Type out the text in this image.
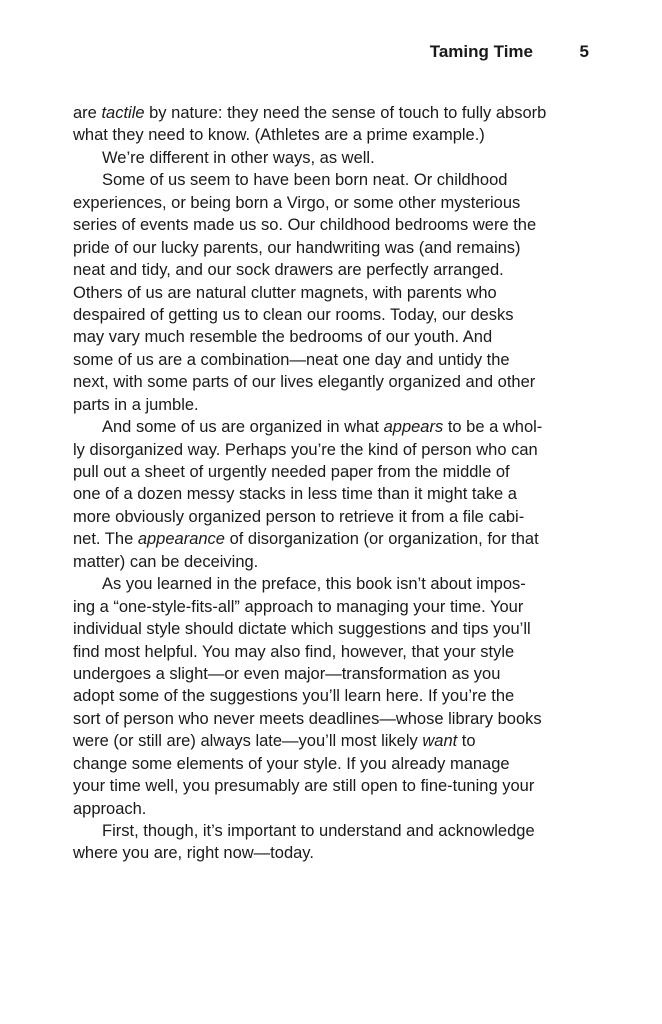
Taming Time	5
are tactile by nature: they need the sense of touch to fully absorb
what they need to know. (Athletes are a prime example.)
We’re different in other ways, as well.
Some of us seem to have been born neat. Or childhood
experiences, or being born a Virgo, or some other mysterious
series of events made us so. Our childhood bedrooms were the
pride of our lucky parents, our handwriting was (and remains)
neat and tidy, and our sock drawers are perfectly arranged.
Others of us are natural clutter magnets, with parents who
despaired of getting us to clean our rooms. Today, our desks
may vary much resemble the bedrooms of our youth. And
some of us are a combination—neat one day and untidy the
next, with some parts of our lives elegantly organized and other
parts in a jumble.
And some of us are organized in what appears to be a whol-
ly disorganized way. Perhaps you’re the kind of person who can
pull out a sheet of urgently needed paper from the middle of
one of a dozen messy stacks in less time than it might take a
more obviously organized person to retrieve it from a file cabi-
net. The appearance of disorganization (or organization, for that
matter) can be deceiving.
As you learned in the preface, this book isn’t about impos-
ing a “one-style-fits-all” approach to managing your time. Your
individual style should dictate which suggestions and tips you’ll
find most helpful. You may also find, however, that your style
undergoes a slight—or even major—transformation as you
adopt some of the suggestions you’ll learn here. If you’re the
sort of person who never meets deadlines—whose library books
were (or still are) always late—you’ll most likely want to
change some elements of your style. If you already manage
your time well, you presumably are still open to fine-tuning your
approach.
First, though, it’s important to understand and acknowledge
where you are, right now—today.
